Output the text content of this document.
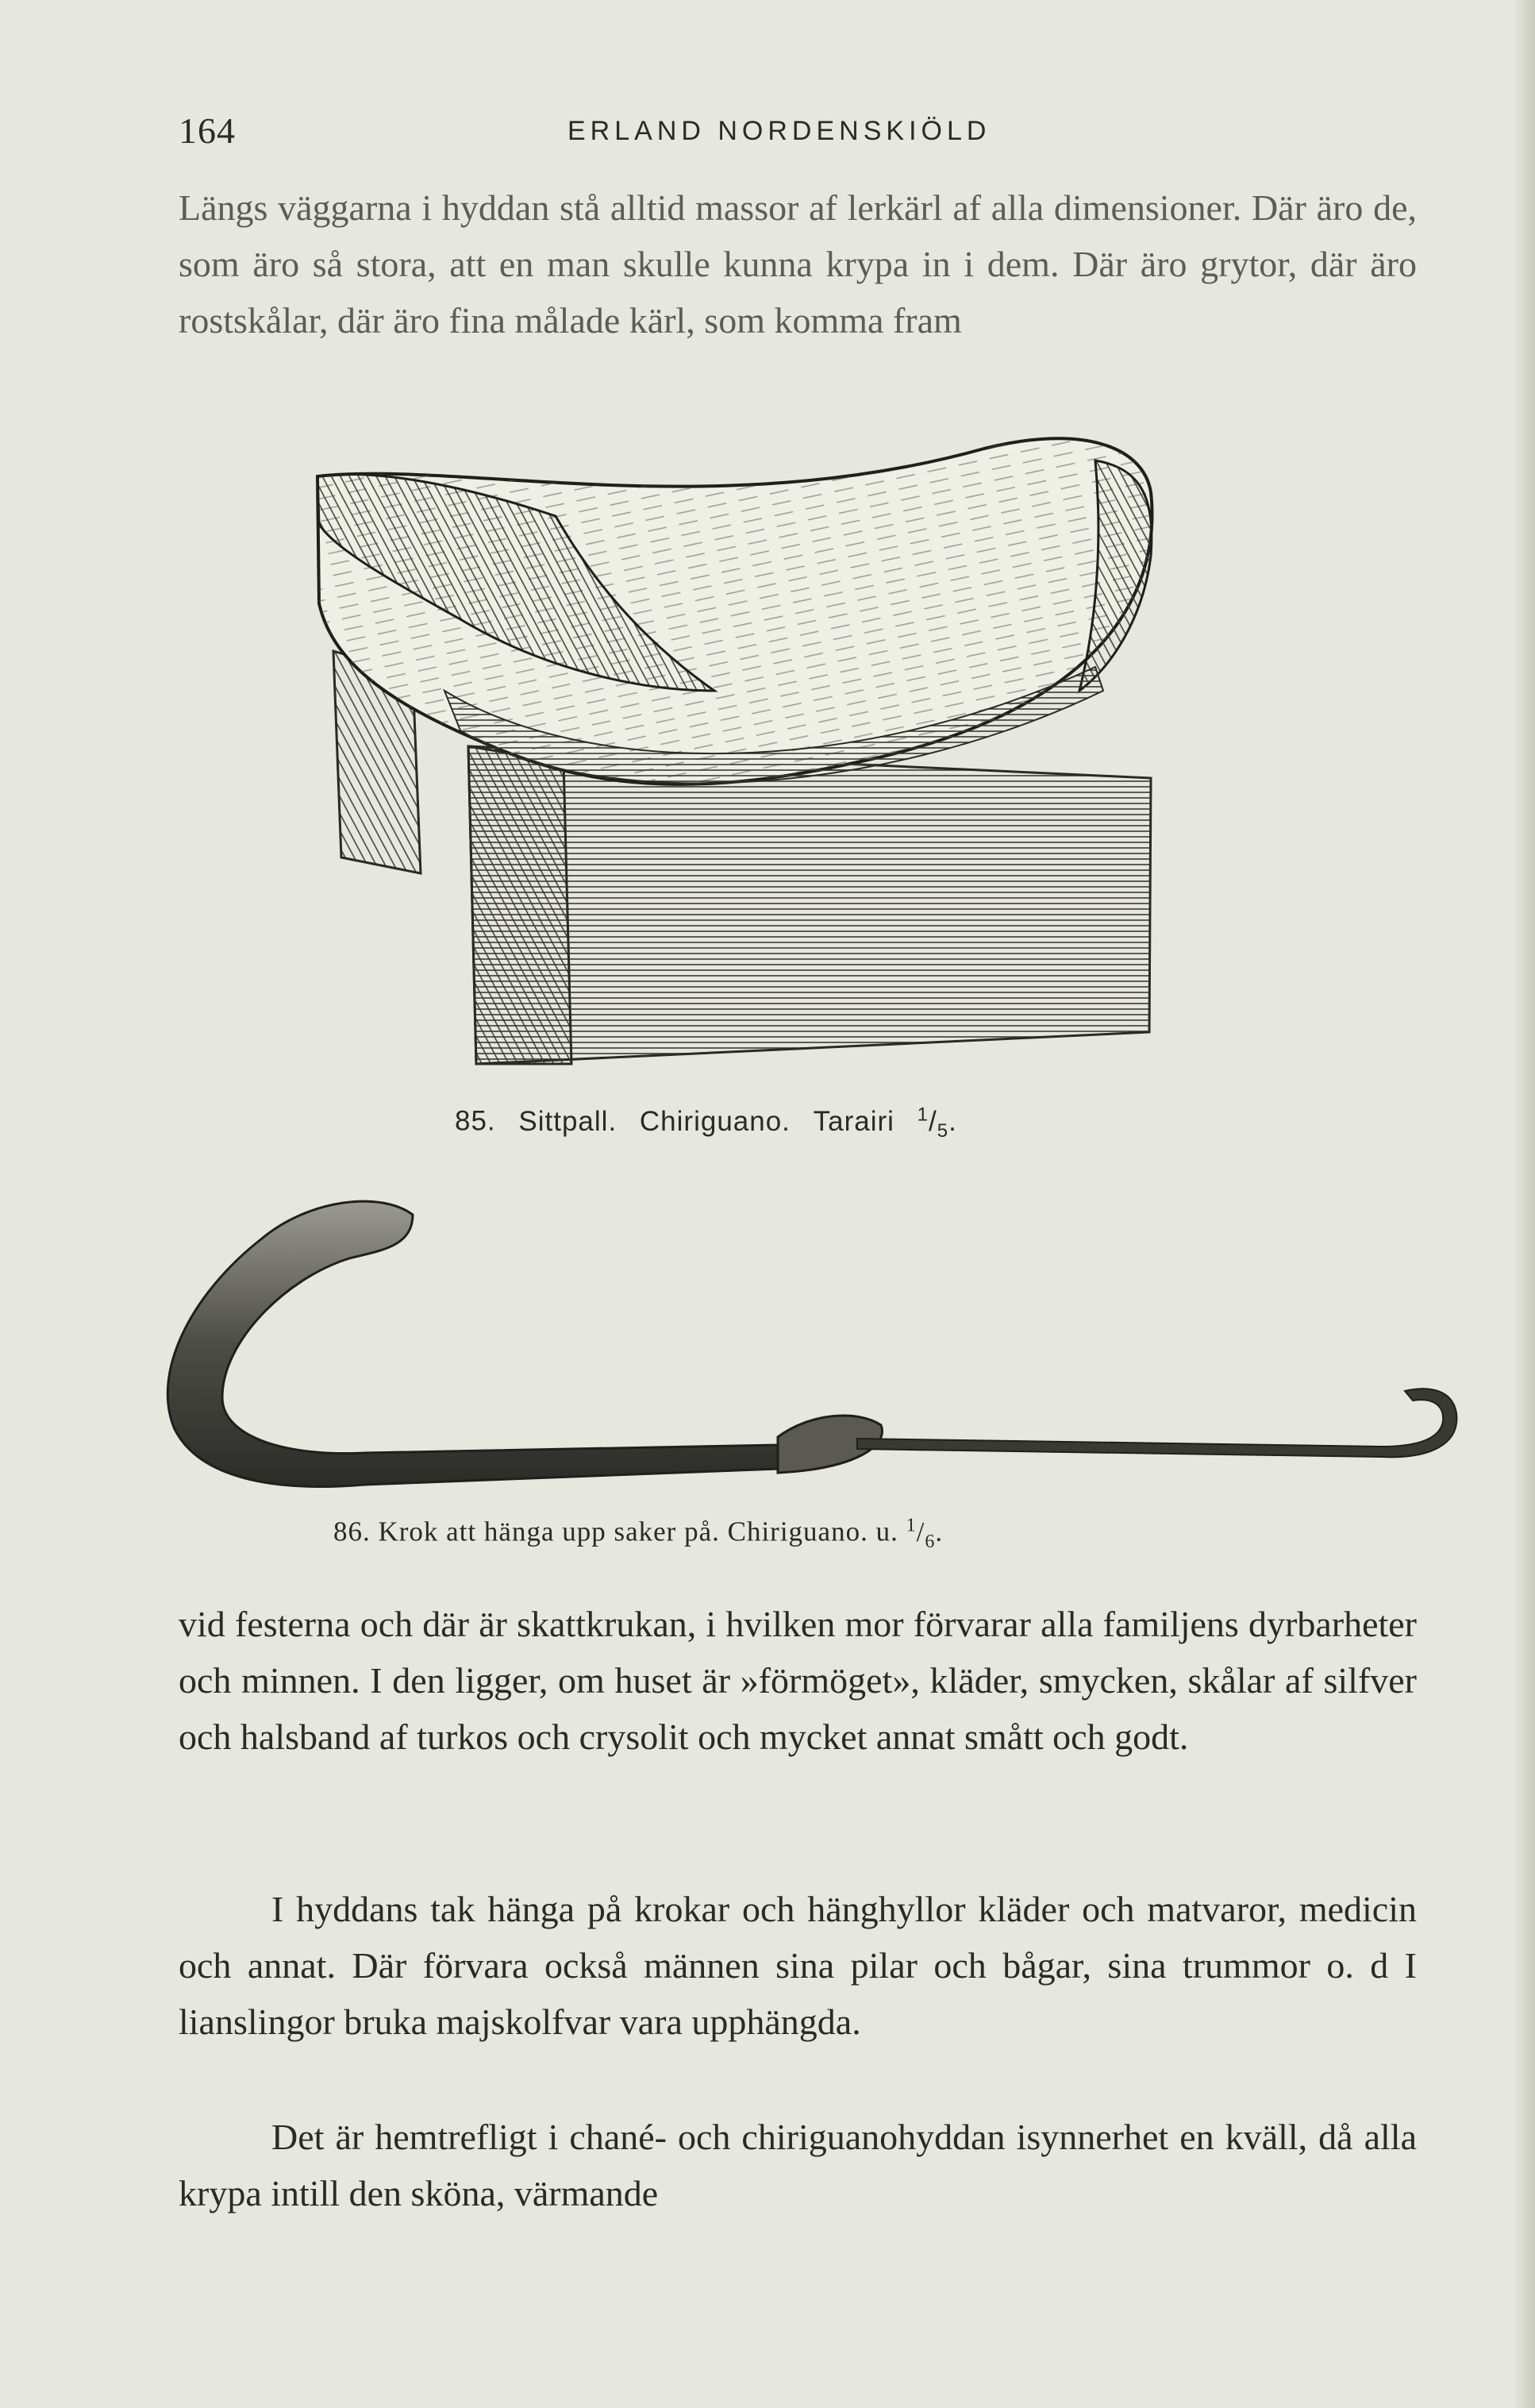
164	ERLAND NORDENSKIÖLD

Längs väggarna i hyddan stå alltid massor af lerkärl af alla dimensioner. Där äro de, som äro så stora, att en man skulle kunna krypa in i dem. Där äro grytor, där äro rostskålar, där äro fina målade kärl, som komma fram

85. Sittpall. Chiriguano. Tarairi $^1/_5$.
86. Krok att hänga upp saker på. Chiriguano. u. $^1/_6$.

vid festerna och där är skattkrukan, i hvilken mor förvarar alla familjens dyrbarheter och minnen. I den ligger, om huset är »förmöget», kläder, smycken, skålar af silfver och halsband af turkos och crysolit och mycket annat smått och godt.

I hyddans tak hänga på krokar och hänghyllor kläder och matvaror, medicin och annat. Där förvara också männen sina pilar och bågar, sina trummor o. d I lianslingor bruka majskolfvar vara upphängda.

Det är hemtrefligt i chané- och chiriguanohyddan isynnerhet en kväll, då alla krypa intill den sköna, värmande
